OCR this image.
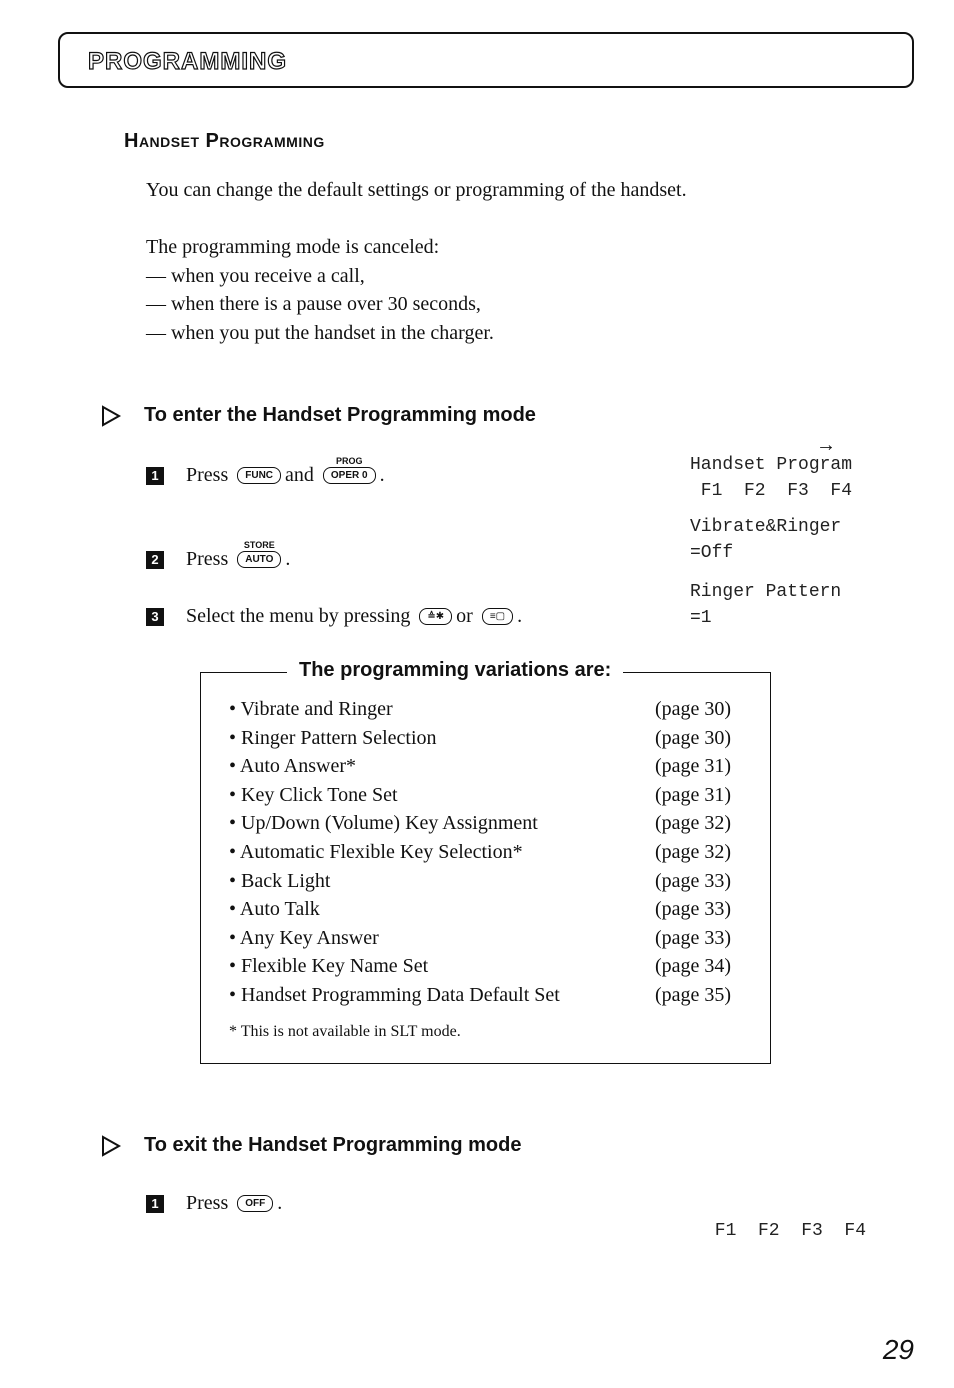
PROGRAMMING
Handset Programming
You can change the default settings or programming of the handset.
The programming mode is canceled:
— when you receive a call,
— when there is a pause over 30 seconds,
— when you put the handset in the charger.
To enter the Handset Programming mode
1 Press
	FUNC and

PROG
OPER 0 .
2 Press

STORE
AUTO .
3 Select the menu by pressing
	≙✱ or
	≡▢ .
→
Handset Program
F1  F2  F3  F4
Vibrate&Ringer
=Off
Ringer Pattern
=1
The programming variations are:
• Vibrate and Ringer	(page 30)
• Ringer Pattern Selection	(page 30)
• Auto Answer*	(page 31)
• Key Click Tone Set	(page 31)
• Up/Down (Volume) Key Assignment	(page 32)
• Automatic Flexible Key Selection*	(page 32)
• Back Light	(page 33)
• Auto Talk	(page 33)
• Any Key Answer	(page 33)
• Flexible Key Name Set	(page 34)
• Handset Programming Data Default Set	(page 35)
* This is not available in SLT mode.
To exit the Handset Programming mode
1 Press
	OFF .
F1  F2  F3  F4
29
